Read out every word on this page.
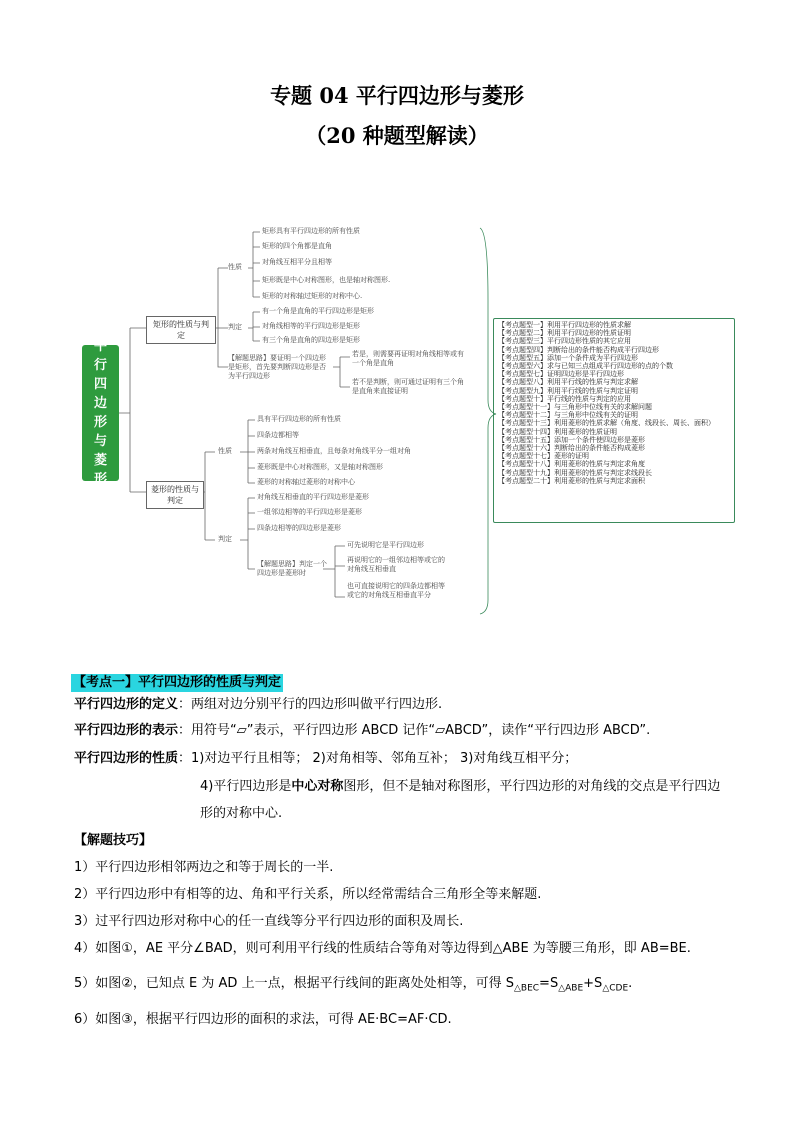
专题 04 平行四边形与菱形
（20 种题型解读）
平行四边形与菱形
矩形的性质与判定
性质
矩形具有平行四边形的所有性质
矩形的四个角都是直角
对角线互相平分且相等
矩形既是中心对称图形，也是轴对称图形.
矩形的对称轴过矩形的对称中心.
判定
有一个角是直角的平行四边形是矩形
对角线相等的平行四边形是矩形
有三个角是直角的四边形是矩形
【解题思路】要证明一个四边形是矩形，首先要判断四边形是否为平行四边形
若是，则需要再证明对角线相等或有一个角是直角
若不是判断，则可通过证明有三个角是直角来直接证明
菱形的性质与判定
性质
具有平行四边形的所有性质
四条边都相等
两条对角线互相垂直，且每条对角线平分一组对角
菱形既是中心对称图形，又是轴对称图形
菱形的对称轴过菱形的对称中心
判定
对角线互相垂直的平行四边形是菱形
一组邻边相等的平行四边形是菱形
四条边相等的四边形是菱形
【解题思路】判定一个四边形是菱形时
可先说明它是平行四边形
再说明它的一组邻边相等或它的对角线互相垂直
也可直接说明它的四条边都相等或它的对角线互相垂直平分
【考点题型一】利用平行四边形的性质求解
【考点题型二】利用平行四边形的性质证明
【考点题型三】平行四边形性质的其它应用
【考点题型四】判断给出的条件能否构成平行四边形
【考点题型五】添加一个条件成为平行四边形
【考点题型六】求与已知三点组成平行四边形的点的个数
【考点题型七】证明四边形是平行四边形
【考点题型八】利用平行线的性质与判定求解
【考点题型九】利用平行线的性质与判定证明
【考点题型十】平行线的性质与判定的应用
【考点题型十一】与三角形中位线有关的求解问题
【考点题型十二】与三角形中位线有关的证明
【考点题型十三】利用菱形的性质求解（角度、线段长、周长、面积）
【考点题型十四】利用菱形的性质证明
【考点题型十五】添加一个条件使四边形是菱形
【考点题型十六】判断给出的条件能否构成菱形
【考点题型十七】菱形的证明
【考点题型十八】利用菱形的性质与判定求角度
【考点题型十九】利用菱形的性质与判定求线段长
【考点题型二十】利用菱形的性质与判定求面积
【考点一】平行四边形的性质与判定
平行四边形的定义：两组对边分别平行的四边形叫做平行四边形.
平行四边形的表示：用符号“▱”表示，平行四边形 ABCD 记作“▱ABCD”，读作“平行四边形 ABCD”.
平行四边形的性质：1)对边平行且相等； 2)对角相等、邻角互补； 3)对角线互相平分；
4)平行四边形是中心对称图形，但不是轴对称图形，平行四边形的对角线的交点是平行四边
形的对称中心.
【解题技巧】
1）平行四边形相邻两边之和等于周长的一半.
2）平行四边形中有相等的边、角和平行关系，所以经常需结合三角形全等来解题.
3）过平行四边形对称中心的任一直线等分平行四边形的面积及周长.
4）如图①，AE 平分∠BAD，则可利用平行线的性质结合等角对等边得到△ABE 为等腰三角形，即 AB=BE.
5）如图②，已知点 E 为 AD 上一点，根据平行线间的距离处处相等，可得 $S_{\triangle BEC}=S_{\triangle ABE}+S_{\triangle CDE}$.
6）如图③，根据平行四边形的面积的求法，可得 AE·BC=AF·CD.
